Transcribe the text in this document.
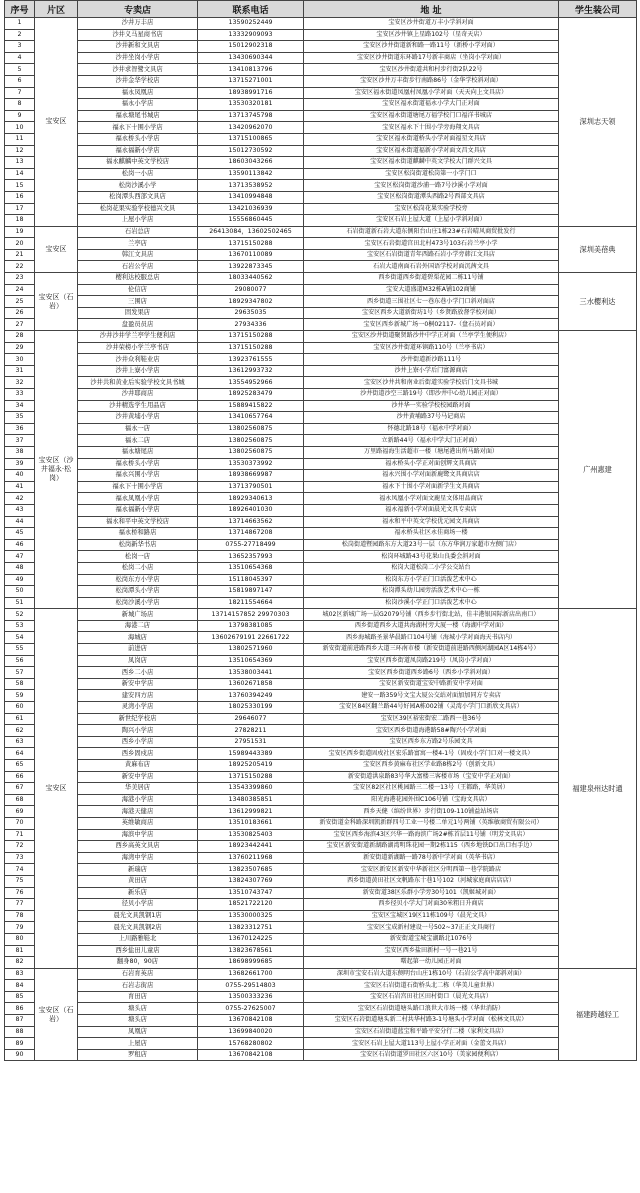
序号	片区	专卖店	联系电话	地 址	学生装公司
1	宝安区	沙井万丰店	13590252449	宝安区沙井街道万丰小学斜对面	深圳志天领
2		沙井义马星商书店	13332909093	宝安区沙井镇上星路102号（星奇天店）	
3		沙井新和文具店	15012902318	宝安区沙井街道新和路一路11号（新桥小学对面）	
4		沙井坐岗小学店	13430690344	宝安区沙井街道东环路17号新丰商店（坐岗小学对面）	
5		沙井求智鹭文具店	13410813796	宝安区沙井街道共和村步行街2队22号	
6		沙井金华学校店	13715271001	宝安区沙井万丰街步行南路86号（金华学校斜对面）	
7		福永凤凰店	18938991716	宝安区福永街道凤凰村凤凰小学对面（天天向上文具店）	
8		福永小学店	13530320181	宝安区福永街道福永小学大门正对面	
9		福永塘尾书城店	13713745798	宝安区福永街道塘尾万福学校门口福洋书城店	
10		福永下十围小学店	13420962070	宝安区福永下十围小学旁海翔文具店	
11		福永桥头小学店	13715100865	宝安区福永街道桥头小学对面福星文具店	
12		福永福新小学店	15012730592	宝安区福永街道福新小学对面文昌文具店	
13		福永麒麟中英文学校店	18603043266	宝安区福永街道麒麟中英文学校大门群兴文具	
14		松岗一小店	13590113842	宝安区松岗街道松岗第一小学门口	
15		松岗沙溪小学	13713538952	宝安区松岗街道沙浦一路7号沙溪小学对面	
16		松岗潭头西部文具店	13410994848	宝安区松岗街道潭头西路2号西部文具店	
17		松岗花果实验学校德兴文具	13421036939	宝安区松岗花果实验学校旁	
18		上屋小学店	15556860445	宝安区石岩上屋大道（上屋小学斜对面）	
19	宝安区	石岩总店	26413084，13602502465	石岩街道新石岩大道东侧阳台山庄1栋23#石岩晴风商贸批发行	深圳美蓓典
20		兰亭店	13715150288	宝安区石岩街道宫田北村473号103石岩兰亭小学	
21		韩江文具店	13670110089	宝安区石岩街道青年西路石岩小学旁韩江文具店	
22		石岩公学店	13922873345	石岩大道南面石岩外国语学校对面沉茜文具	
23	宝安区（石岩）	樱利达校服总店	18033440562	西乡街道西乡街道碧栗花园二栋11号铺	三水樱利达
24		伦信店	29080077	宝安大道盛道M32栋A铺102商铺	
25		三围店	18929347802	西乡街道三围社区七一巷东巷小学门口斜对面店	
26		固发果店	29635035	宝安区西乡大道新街坊1号（乡贤路放督学校对面）	
27		盘盈员员店	27934336	宝安区西乡新城广场一0桐02117-（盘石员对面）	
28	宝安区（沙井福永·松岗）	沙井沙井学兰亭学生便利店	13715150288	宝安区沙井街道聚贤路沙井中学正对面（兰亭学生便利店）	广州惠建
29		沙井荣榜小学兰亭书店	13715150288	宝安区沙井街道环镇路110号（兰亭书店）	
30		沙井众利鞋业店	13923761555	沙井街道新沙路111号	
31		沙井上寮小学店	13612993732	沙井上寮小学后门富源商店	
32		沙井共和黄业后实验学校文具书城	13554952966	宝安区沙井共和南业后街道实验学校后门文具书城	
33		沙井耶商店	18925283479	沙井街道沙空三路19号（即沙井中心幼儿园正对面）	
34		沙井精选学生用品店	15889415822	沙井华一实验学校校园路对面	
35		沙井黄埔小学店	13410657764	沙井黄埔路37号马记商店	
36		福永一店	13802560875	怀德北路18号（福永中学对面）	
37		福永二店	13802560875	立新路44号（福永中学大门正对面）	
38		福永塘尾店	13802560875	万里路福海生活超市一楼（塘尾港出所马路对面）	
39		福永桥头小学店	13530373992	福永桥头小学正对面创辉文具商店	
40		福永兴围小学店	18938669987	福永兴围小学对面新鹿鹭文具商店店	
41		福永下十围小学店	13713790501	福永下十围小学对面新学生文具商店	
42		福永凤凰小学店	18929340613	福永凤凰小学对面文鹿星文体用品商店	
43		福永福新小学店	18926401030	福永福新小学对面晨光文具专卖店	
44		福永和平中英文学校店	13714663562	福永和平中英文学校优元园文具商店	
45		福永桥和路店	13714867208	福永桥头社区永佳商场一楼	
46		松岗新华书店	0755-27718499	松岗街道暨园路东方大道23号一层（东方华润万家超市左侧门店）	
47		松岗一店	13652357993	松岗环城路43号花果山良委会斜对面	
48		松岗二小店	13510654368	松岗大道松岗二小学公交站台	
49		松岗东方小学店	15118045397	松岗东方小学正门口活泼艺术中心	
50		松岗潭头小学店	15819897147	松岗潭头幼儿园旁活泼艺术中心一栋	
51		松岗沙溪小学店	18211554664	松岗沙溪小学正门口活泼艺术中心	
52	宝安区	新城广场店	13714157852 29970303	城02区新城广场一层G2079号铺（西乡步行街北站，佳丰港银国际新店出南口）	福建泉州达时通
53		海港二店	13798381085	西乡街道西乡大道共海湖村旁大厦一楼（海湖中学对面）	
54		海城店	13602679191 22661722	西乡海城路圣景华晨路口104号铺（海城小学对面海天书店内）	
55		前进店	13802571960	新安街道前进路西乡大道三环南市楼（新安街道前进路西侧河湖园A区14栋4号）	
56		凤岗店	13510654369	宝安区西乡街道凤岗路219号（凤岗小学对面）	
57		西乡二小店	13538003441	宝安区西乡街道西乡路6号（西乡小学斜对面）	
58		新安中学店	13602671858	宝安区新安街道宝安中路新安中学对面	
59		建安四方店	13760394249	建安一路359号文宝大厦公交站对面加加同方专卖店	
60		灵湾小学店	18025330199	宝安区84区翻兰路44号好园A栋002铺（灵湾小学门口新欣文具店）	
61		新世纪学校店	29646077	宝安区39区裕宏街宏二路西一巷36号	
62		陶兴小学店	27828211	宝安区西乡街道海港路58#陶兴小学对面	
63		西乡小学店	27951531	宝安区西乡东方路2号乐园文具	
64		西乡固戍店	15989443389	宝安区西乡街道固戍社区宏乐路富寓一楼4-1号（固戍小学门口对一楼文具）	
65		黄麻布店	18925205419	宝安区西乡黄麻布社区学业路8栋2号（创新文具）	
66		新安中学店	13715150288	新安街道洪泉路83号华大富楼三客楼市场（宝安中学正对面）	
67		华美居店	13543399860	宝安区82区社区桃园路三二楼一13号（王都路，华美居）	
68		海港小学店	13480385851	阳光海港花园外围C106号铺（宝海文具店）	
69		海港天健店	13612999821	西乡天健（缤纷世界）步行街109-110铺益站场店	
70		英维敏商店	13510183661	新安街道金科路深圳凯新群四号工业一号楼二单元1号两铺（英维敏商贸有限公司）	
71		海滨中学店	13530825403	宝安区西乡海滨43区兴华一路海滨广场2#栋首层11号铺（明芳文具店）	
72		西乡高英文具店	18923442441	宝安区新安街道新湖路湖湾明珠花园一期2栋115（西乡地铁D口出口右手边）	
73		海湾中学店	13760211968	新安街道新湖路一路78号新中学对面（英华书店）	
74		新瑞店	13823507685	宝安区新安区新安中华新社区分明西第一巷学院路店	
75		黄田店	13824307769	西乡街道黄田社区文帆路东十巷1号102（河城家庭商店店店）	
76		新乐店	13510743747	新安街道38区乐群小学旁30号101（凯姬城对面）	
77		径贝小学店	18521722120	西乡径贝小学大门对面30米粗日升商店	
78		晨光文具凯钢1店	13530000325	宝安区宝城区19区11栋109号（晨光文具）	
79		晨光文具凯钢2店	13823312751	宝安区宝成新村建设一号502~37正正文具商行	
80		上川路雅鞋北	13670124225	新安街道宝城宝湖路北1076号	
81		西乡盐田儿童店	13823678561	宝安区西乡盐田新村一号一巷21号	
82		翻身80，90店	18698999685	曙起第一幼儿园正对面	
83	宝安区（石岩）	石岩育英店	13682661700	深圳市宝安石岩大道东侧明台山庄1栋10号（石岩公学高中部斜对面）	福建跨越轻工
84		石岩志街店	0755-29514803	宝安区石岩街道石街桥头北二栋（华美儿童世界）	
85		育田店	13500333236	宝安区石岩宫田社区田村街口（晨光文具店）	
86		塘头店	0755-27625007	宝安区石岩街道塘头路口浪世大市场一楼（华世消防）	
87		塘头店	13670842108	宝安区石岩街道塘头新二村共华村路3-1号塘头小学对面（松林文具店）	
88		凤凰店	13699840020	宝安区石岩街道蓝宝和平路平安分行二楼（家利文具店）	
89		上屋店	15768280802	宝安区石岩上屋大道113号上屋小学正对面（金蕾文具店）	
90		罗租店	13670842108	宝安区石岩街道罗田社区六区10号（美家园便利店）	
